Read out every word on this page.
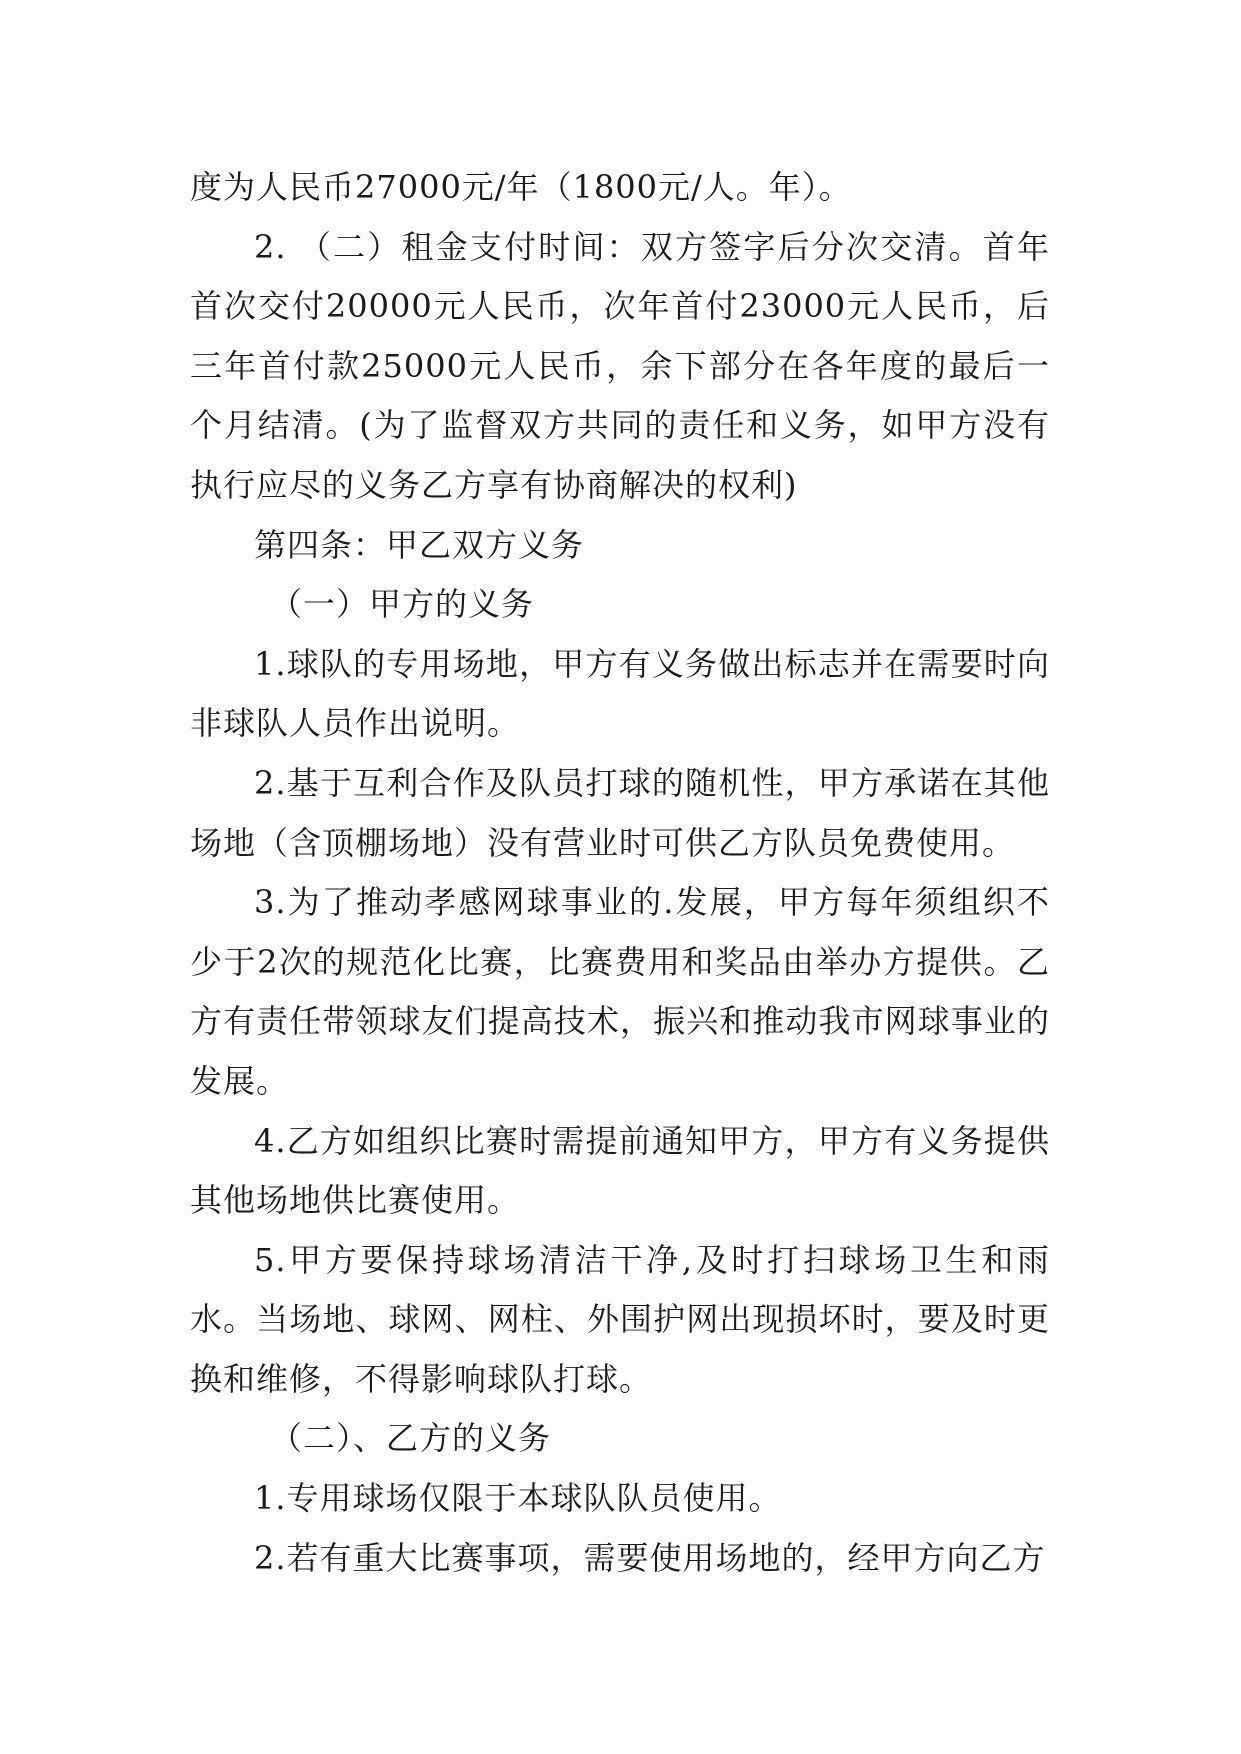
度为人民币27000元/年（1800元/人。年）。

2. （二）租金支付时间：双方签字后分次交清。首年首次交付20000元人民币，次年首付23000元人民币，后三年首付款25000元人民币，余下部分在各年度的最后一个月结清。(为了监督双方共同的责任和义务，如甲方没有执行应尽的义务乙方享有协商解决的权利)

第四条：甲乙双方义务

（一）甲方的义务

1.球队的专用场地，甲方有义务做出标志并在需要时向非球队人员作出说明。

2.基于互利合作及队员打球的随机性，甲方承诺在其他场地（含顶棚场地）没有营业时可供乙方队员免费使用。

3.为了推动孝感网球事业的.发展，甲方每年须组织不少于2次的规范化比赛，比赛费用和奖品由举办方提供。乙方有责任带领球友们提高技术，振兴和推动我市网球事业的发展。

4.乙方如组织比赛时需提前通知甲方，甲方有义务提供其他场地供比赛使用。

5.甲方要保持球场清洁干净,及时打扫球场卫生和雨水。当场地、球网、网柱、外围护网出现损坏时，要及时更换和维修，不得影响球队打球。

（二）、乙方的义务

1.专用球场仅限于本球队队员使用。

2.若有重大比赛事项，需要使用场地的，经甲方向乙方
